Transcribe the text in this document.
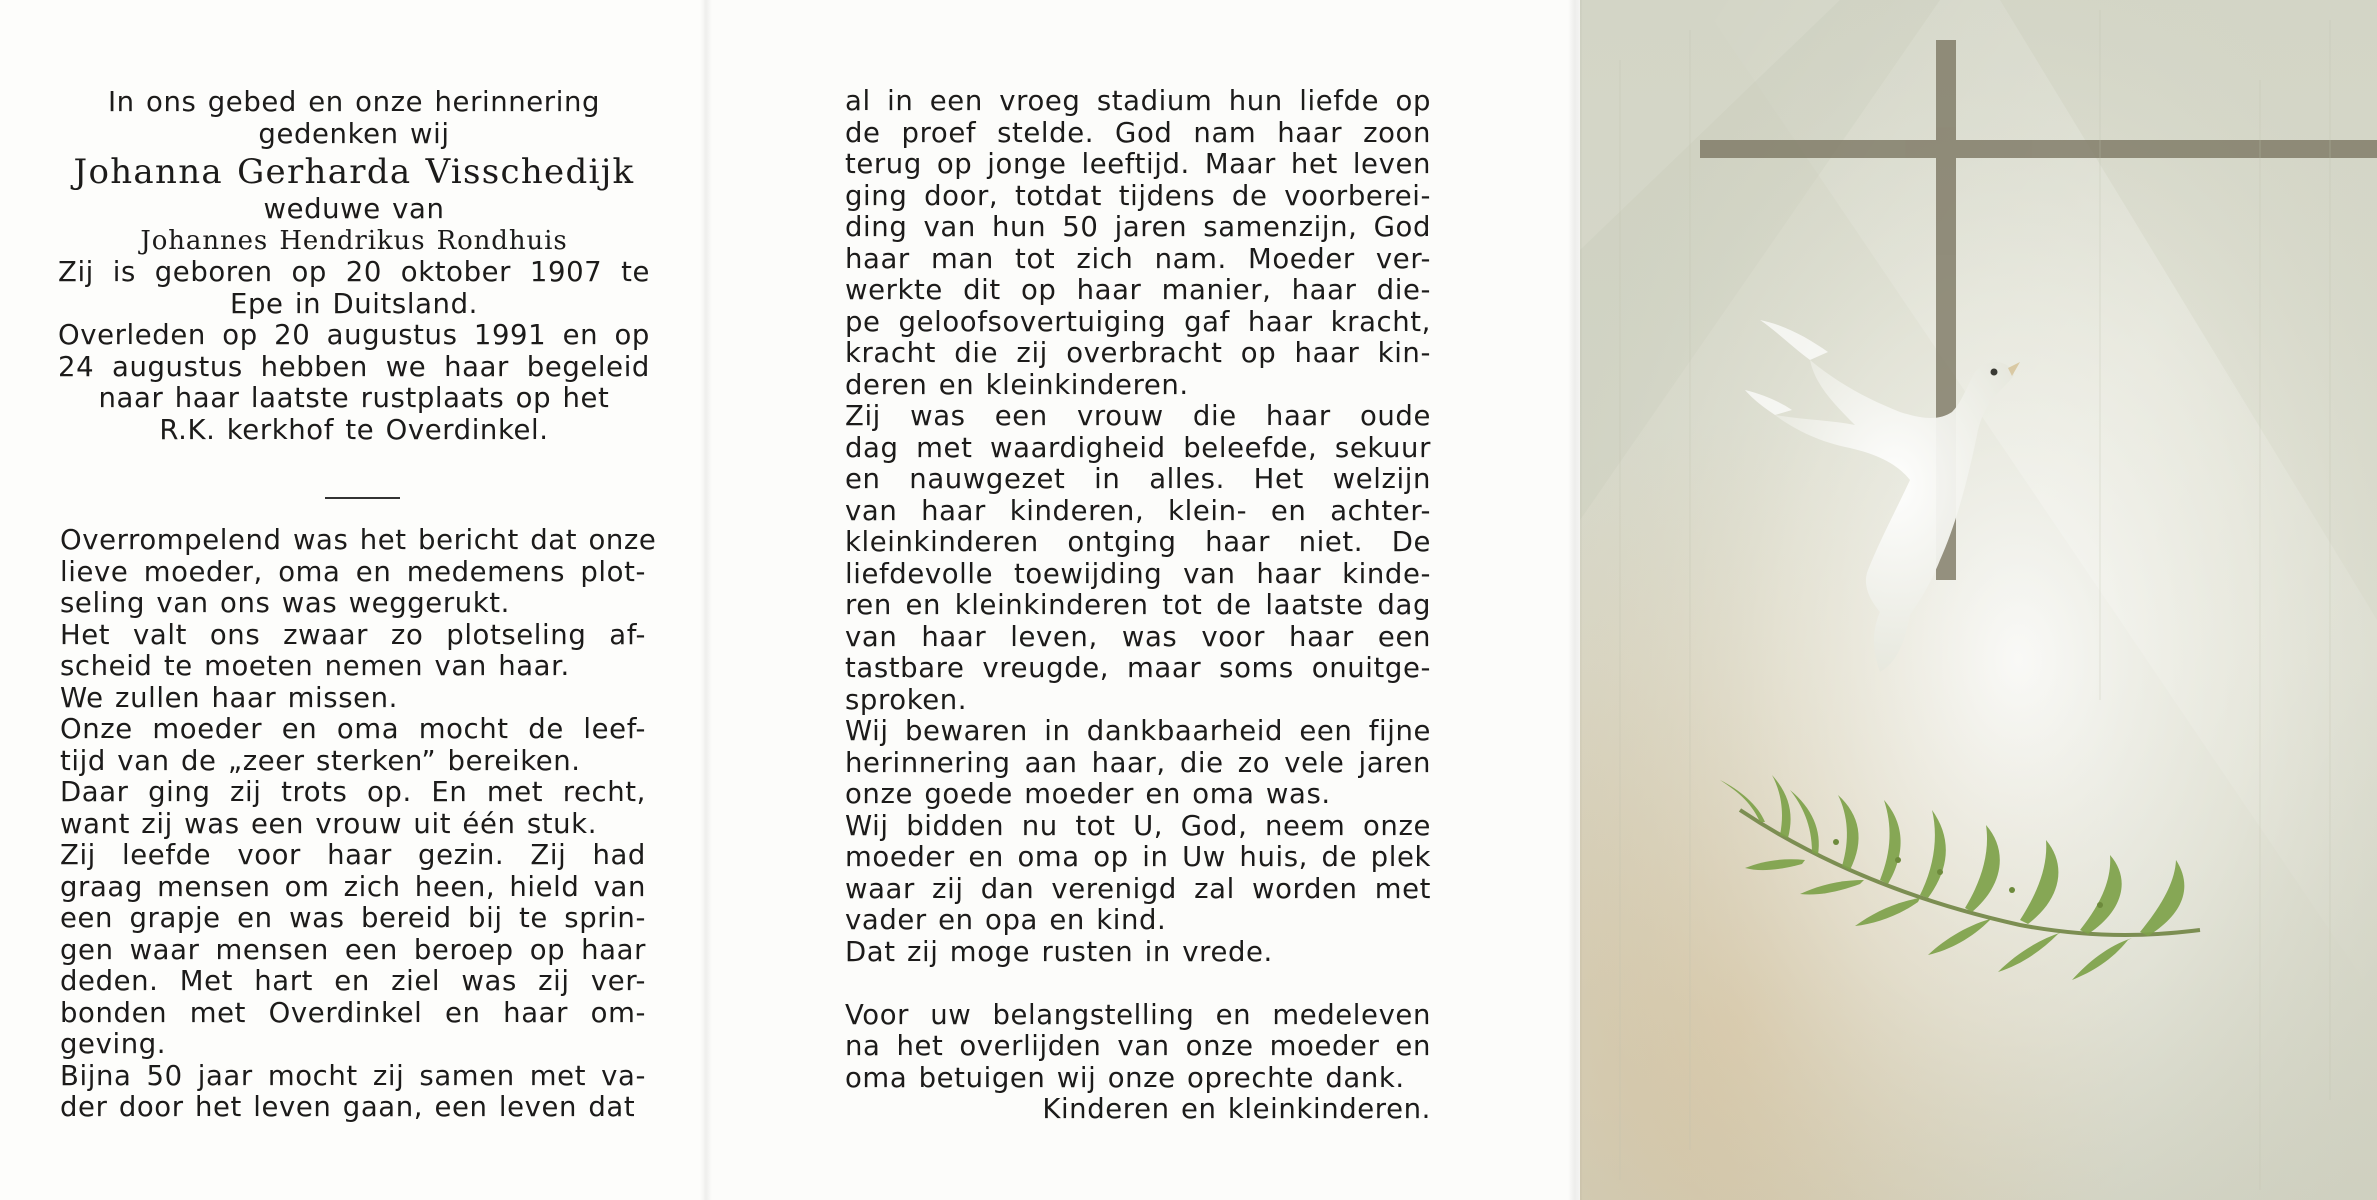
In ons gebed en onze herinnering
gedenken wij
Johanna Gerharda Visschedijk
weduwe van
Johannes Hendrikus Rondhuis
Zij is geboren op 20 oktober 1907 te
Epe in Duitsland.
Overleden op 20 augustus 1991 en op
24 augustus hebben we haar begeleid
naar haar laatste rustplaats op het
R.K. kerkhof te Overdinkel.
Overrompelend was het bericht dat onze
lieve moeder, oma en medemens plot-
seling van ons was weggerukt.
Het valt ons zwaar zo plotseling af-
scheid te moeten nemen van haar.
We zullen haar missen.
Onze moeder en oma mocht de leef-
tijd van de „zeer sterken” bereiken.
Daar ging zij trots op. En met recht,
want zij was een vrouw uit één stuk.
Zij leefde voor haar gezin. Zij had
graag mensen om zich heen, hield van
een grapje en was bereid bij te sprin-
gen waar mensen een beroep op haar
deden. Met hart en ziel was zij ver-
bonden met Overdinkel en haar om-
geving.
Bijna 50 jaar mocht zij samen met va-
der door het leven gaan, een leven dat
al in een vroeg stadium hun liefde op
de proef stelde. God nam haar zoon
terug op jonge leeftijd. Maar het leven
ging door, totdat tijdens de voorberei-
ding van hun 50 jaren samenzijn, God
haar man tot zich nam. Moeder ver-
werkte dit op haar manier, haar die-
pe geloofsovertuiging gaf haar kracht,
kracht die zij overbracht op haar kin-
deren en kleinkinderen.
Zij was een vrouw die haar oude
dag met waardigheid beleefde, sekuur
en nauwgezet in alles. Het welzijn
van haar kinderen, klein- en achter-
kleinkinderen ontging haar niet. De
liefdevolle toewijding van haar kinde-
ren en kleinkinderen tot de laatste dag
van haar leven, was voor haar een
tastbare vreugde, maar soms onuitge-
sproken.
Wij bewaren in dankbaarheid een fijne
herinnering aan haar, die zo vele jaren
onze goede moeder en oma was.
Wij bidden nu tot U, God, neem onze
moeder en oma op in Uw huis, de plek
waar zij dan verenigd zal worden met
vader en opa en kind.
Dat zij moge rusten in vrede.

Voor uw belangstelling en medeleven
na het overlijden van onze moeder en
oma betuigen wij onze oprechte dank.
Kinderen en kleinkinderen.
